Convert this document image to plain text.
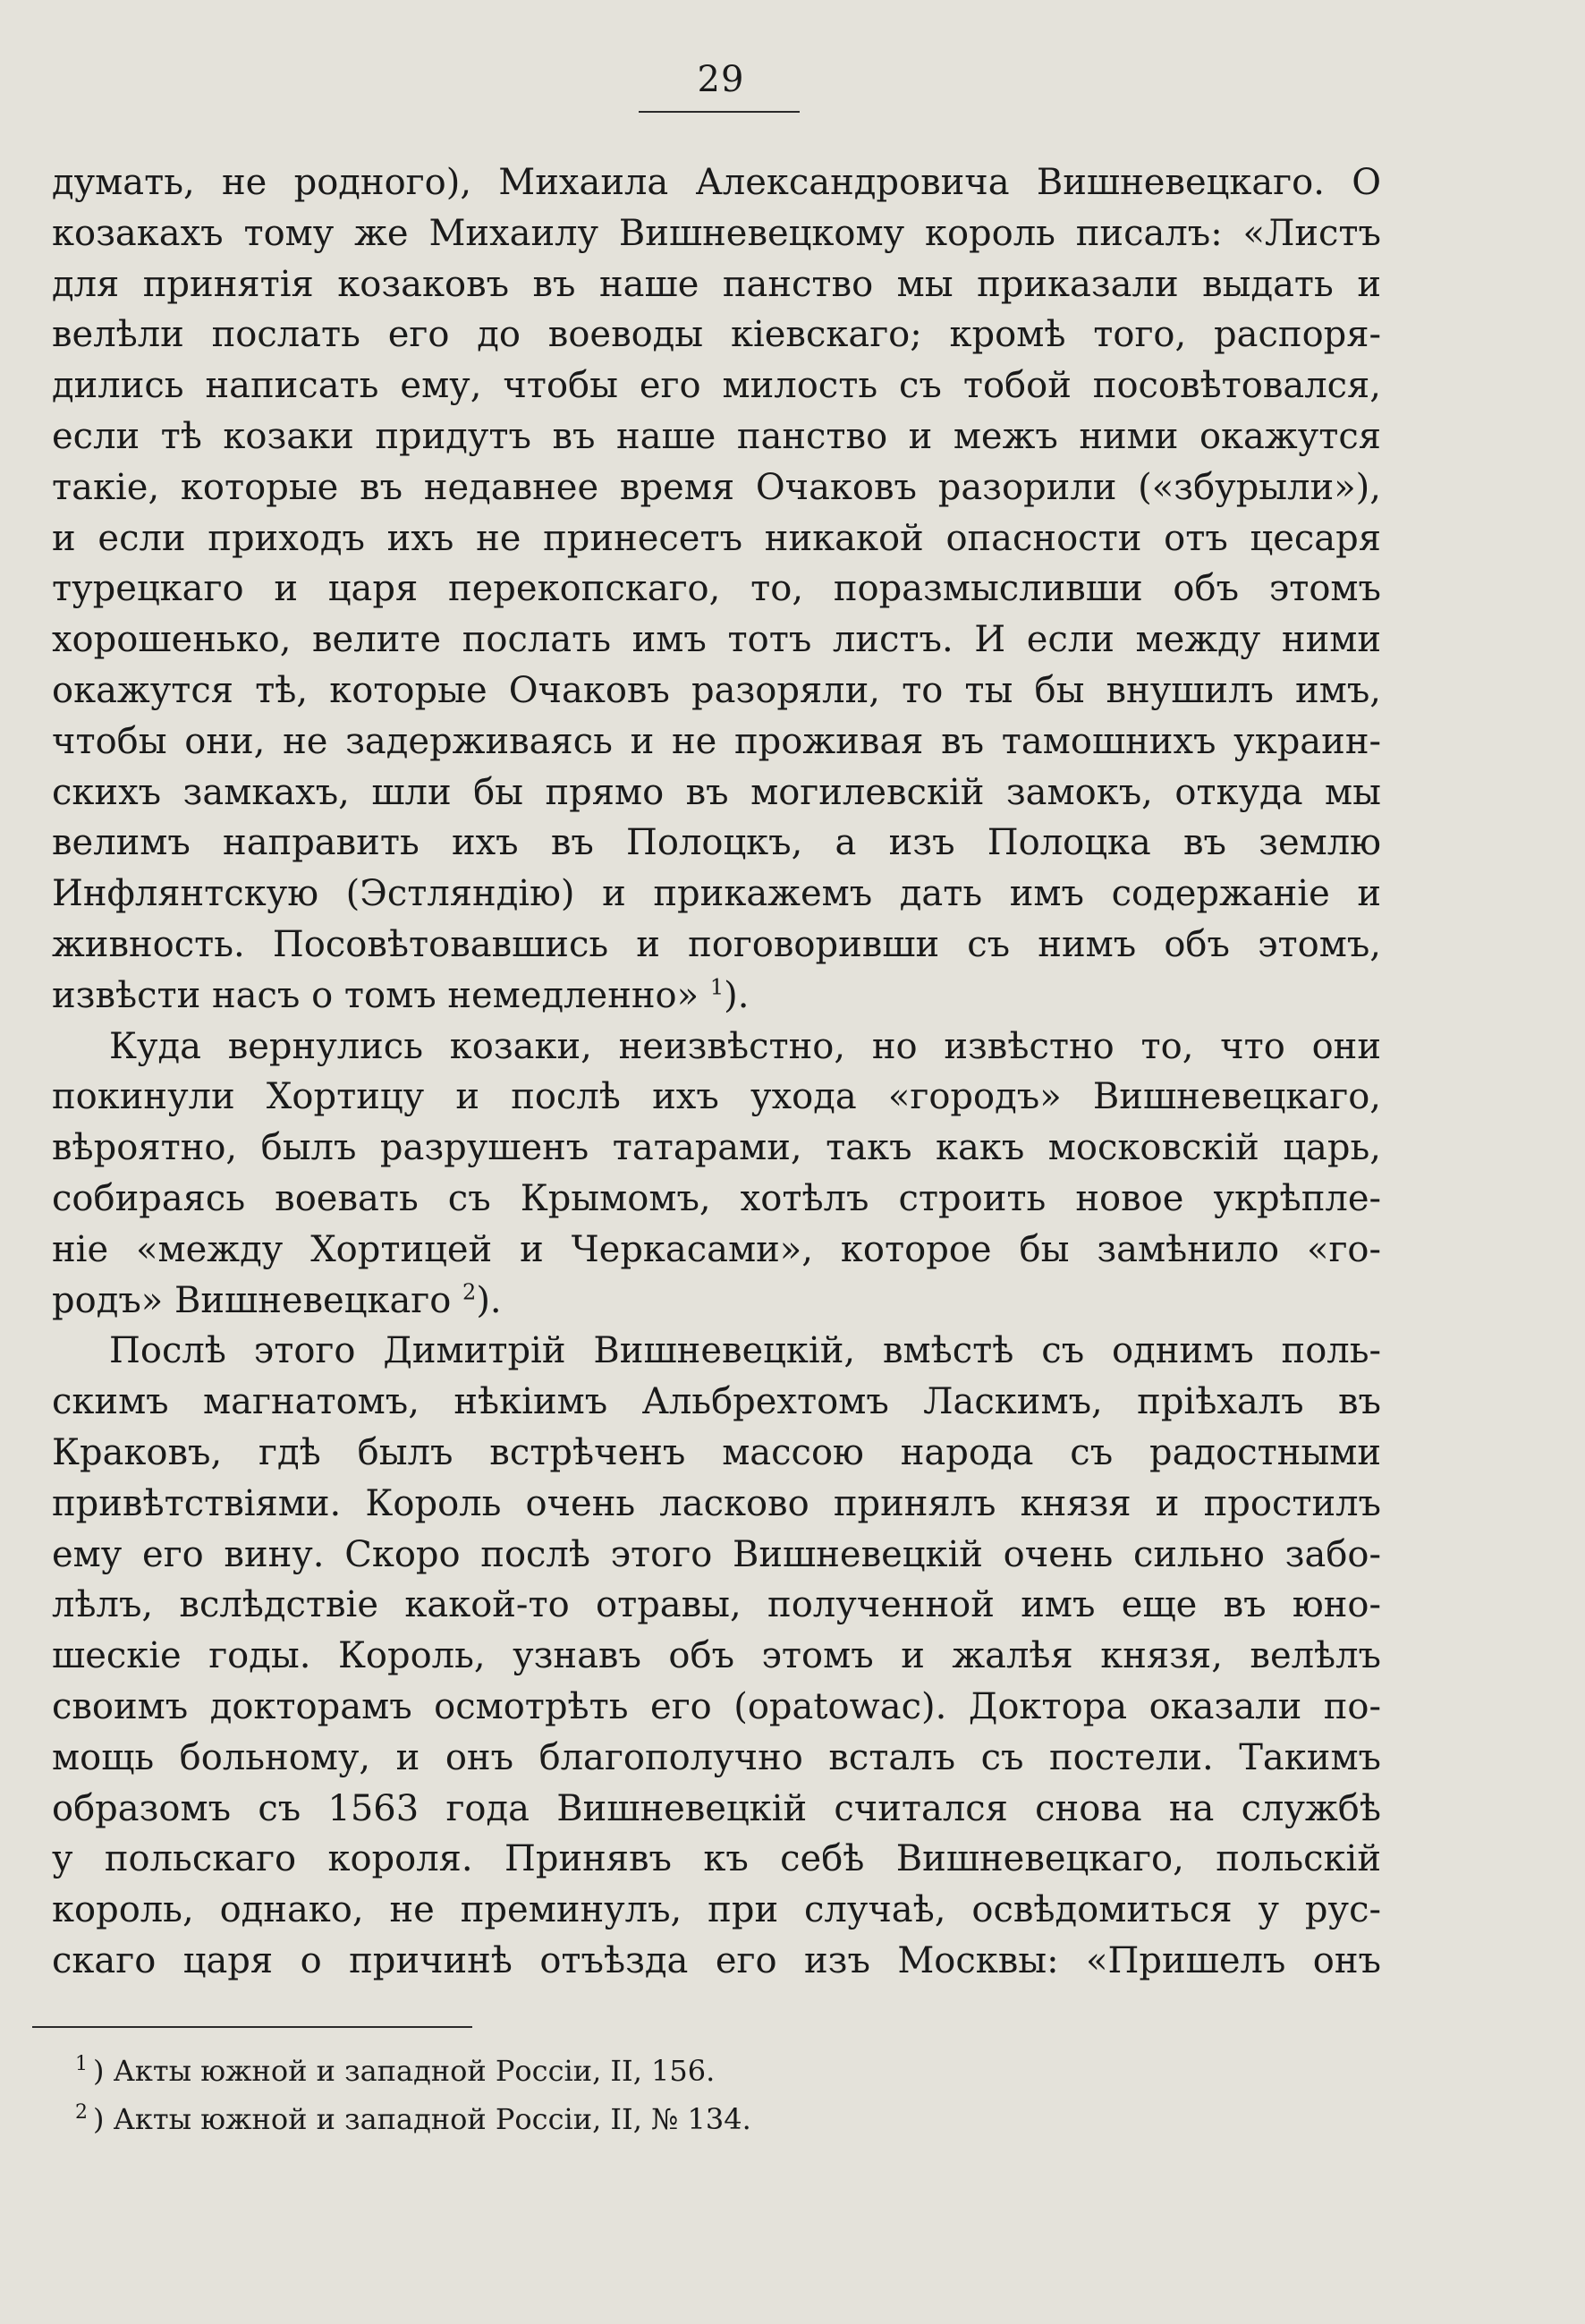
29
думать, не родного), Михаила Александровича Вишневецкаго. О
козакахъ тому же Михаилу Вишневецкому король писалъ: «Листъ
для принятія козаковъ въ наше панство мы приказали выдать и
велѣли послать его до воеводы кіевскаго; кромѣ того, распоря-
дились написать ему, чтобы его милость съ тобой посовѣтовался,
если тѣ козаки придутъ въ наше панство и межъ ними окажутся
такіе, которые въ недавнее время Очаковъ разорили («збурыли»),
и если приходъ ихъ не принесетъ никакой опасности отъ цесаря
турецкаго и царя перекопскаго, то, поразмысливши объ этомъ
хорошенько, велите послать имъ тотъ листъ. И если между ними
окажутся тѣ, которые Очаковъ разоряли, то ты бы внушилъ имъ,
чтобы они, не задерживаясь и не проживая въ тамошнихъ украин-
скихъ замкахъ, шли бы прямо въ могилевскій замокъ, откуда мы
велимъ направить ихъ въ Полоцкъ, а изъ Полоцка въ землю
Инфлянтскую (Эстляндію) и прикажемъ дать имъ содержаніе и
живность. Посовѣтовавшись и поговоривши съ нимъ объ этомъ,
извѣсти насъ о томъ немедленно» $^1$).
Куда вернулись козаки, неизвѣстно, но извѣстно то, что они
покинули Хортицу и послѣ ихъ ухода «городъ» Вишневецкаго,
вѣроятно, былъ разрушенъ татарами, такъ какъ московскій царь,
собираясь воевать съ Крымомъ, хотѣлъ строить новое укрѣпле-
ніе «между Хортицей и Черкасами», которое бы замѣнило «го-
родъ» Вишневецкаго $^2$).
Послѣ этого Димитрій Вишневецкій, вмѣстѣ съ однимъ поль-
скимъ магнатомъ, нѣкіимъ Альбрехтомъ Ласкимъ, пріѣхалъ въ
Краковъ, гдѣ былъ встрѣченъ массою народа съ радостными
привѣтствіями. Король очень ласково принялъ князя и простилъ
ему его вину. Скоро послѣ этого Вишневецкій очень сильно забо-
лѣлъ, вслѣдствіе какой-то отравы, полученной имъ еще въ юно-
шескіе годы. Король, узнавъ объ этомъ и жалѣя князя, велѣлъ
своимъ докторамъ осмотрѣть его (opatowac). Доктора оказали по-
мощь больному, и онъ благополучно всталъ съ постели. Такимъ
образомъ съ 1563 года Вишневецкій считался снова на службѣ
у польскаго короля. Принявъ къ себѣ Вишневецкаго, польскій
король, однако, не преминулъ, при случаѣ, освѣдомиться у рус-
скаго царя о причинѣ отъѣзда его изъ Москвы: «Пришелъ онъ
$^1$ ) Акты южной и западной Россіи, II, 156.
$^2$ ) Акты южной и западной Россіи, II, № 134.
